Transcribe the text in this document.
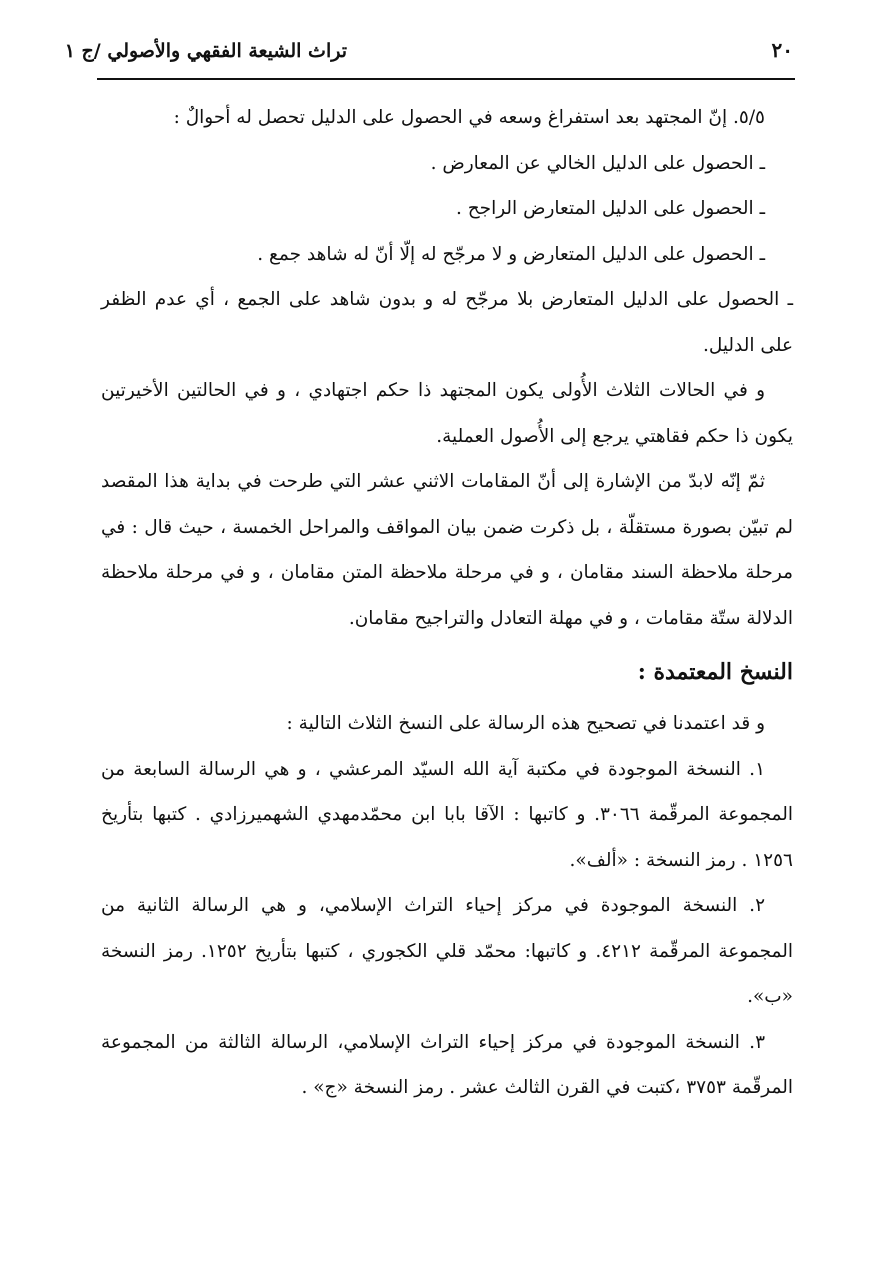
تراث الشيعة الفقهي والأصولي /ج ١	٢٠

٥/٥. إنّ المجتهد بعد استفراغ وسعه في الحصول على الدليل تحصل له أحوالٌ :

ـ الحصول على الدليل الخالي عن المعارض .

ـ الحصول على الدليل المتعارض الراجح .

ـ الحصول على الدليل المتعارض و لا مرجّح له إلّا أنّ له شاهد جمع .

ـ الحصول على الدليل المتعارض بلا مرجّح له و بدون شاهد على الجمع ، أي عدم الظفر على الدليل.

و في الحالات الثلاث الأُولى يكون المجتهد ذا حكم اجتهادي ، و في الحالتين الأخيرتين يكون ذا حكم فقاهتي يرجع إلى الأُصول العملية.

ثمّ إنّه لابدّ من الإشارة إلى أنّ المقامات الاثني عشر التي طرحت في بداية هذا المقصد لم تبيّن بصورة مستقلّة ، بل ذكرت ضمن بيان المواقف والمراحل الخمسة ، حيث قال : في مرحلة ملاحظة السند مقامان ، و في مرحلة ملاحظة المتن مقامان ، و في مرحلة ملاحظة الدلالة ستّة مقامات ، و في مهلة التعادل والتراجيح مقامان.

النسخ المعتمدة :

و قد اعتمدنا في تصحيح هذه الرسالة على النسخ الثلاث التالية :

١. النسخة الموجودة في مكتبة آية الله السيّد المرعشي ، و هي الرسالة السابعة من المجموعة المرقّمة ٣٠٦٦. و كاتبها : الآقا بابا ابن محمّدمهدي الشهميرزادي . كتبها بتأريخ ١٢٥٦ . رمز النسخة : «ألف».

٢. النسخة الموجودة في مركز إحياء التراث الإسلامي، و هي الرسالة الثانية من المجموعة المرقّمة ٤٢١٢. و كاتبها: محمّد قلي الكجوري ، كتبها بتأريخ ١٢٥٢. رمز النسخة «ب».

٣. النسخة الموجودة في مركز إحياء التراث الإسلامي، الرسالة الثالثة من المجموعة المرقّمة ٣٧٥٣ ،كتبت في القرن الثالث عشر . رمز النسخة «ج» .
